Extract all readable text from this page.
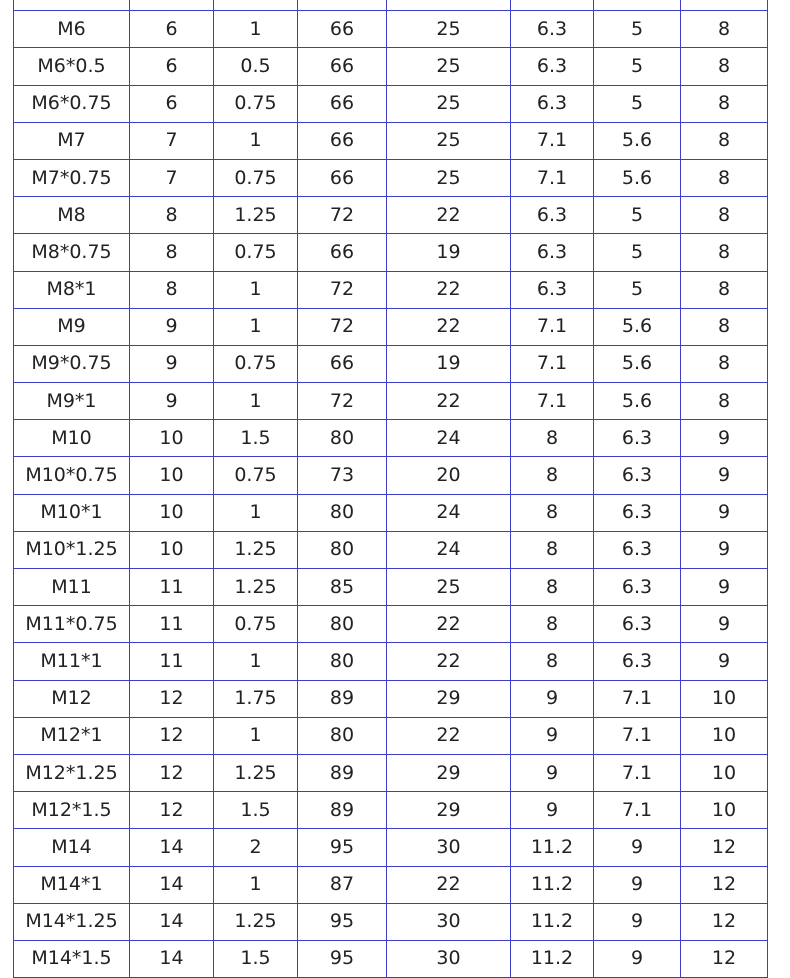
M6	6	1	66	25	6.3	5	8
M6*0.5	6	0.5	66	25	6.3	5	8
M6*0.75	6	0.75	66	25	6.3	5	8
M7	7	1	66	25	7.1	5.6	8
M7*0.75	7	0.75	66	25	7.1	5.6	8
M8	8	1.25	72	22	6.3	5	8
M8*0.75	8	0.75	66	19	6.3	5	8
M8*1	8	1	72	22	6.3	5	8
M9	9	1	72	22	7.1	5.6	8
M9*0.75	9	0.75	66	19	7.1	5.6	8
M9*1	9	1	72	22	7.1	5.6	8
M10	10	1.5	80	24	8	6.3	9
M10*0.75	10	0.75	73	20	8	6.3	9
M10*1	10	1	80	24	8	6.3	9
M10*1.25	10	1.25	80	24	8	6.3	9
M11	11	1.25	85	25	8	6.3	9
M11*0.75	11	0.75	80	22	8	6.3	9
M11*1	11	1	80	22	8	6.3	9
M12	12	1.75	89	29	9	7.1	10
M12*1	12	1	80	22	9	7.1	10
M12*1.25	12	1.25	89	29	9	7.1	10
M12*1.5	12	1.5	89	29	9	7.1	10
M14	14	2	95	30	11.2	9	12
M14*1	14	1	87	22	11.2	9	12
M14*1.25	14	1.25	95	30	11.2	9	12
M14*1.5	14	1.5	95	30	11.2	9	12
